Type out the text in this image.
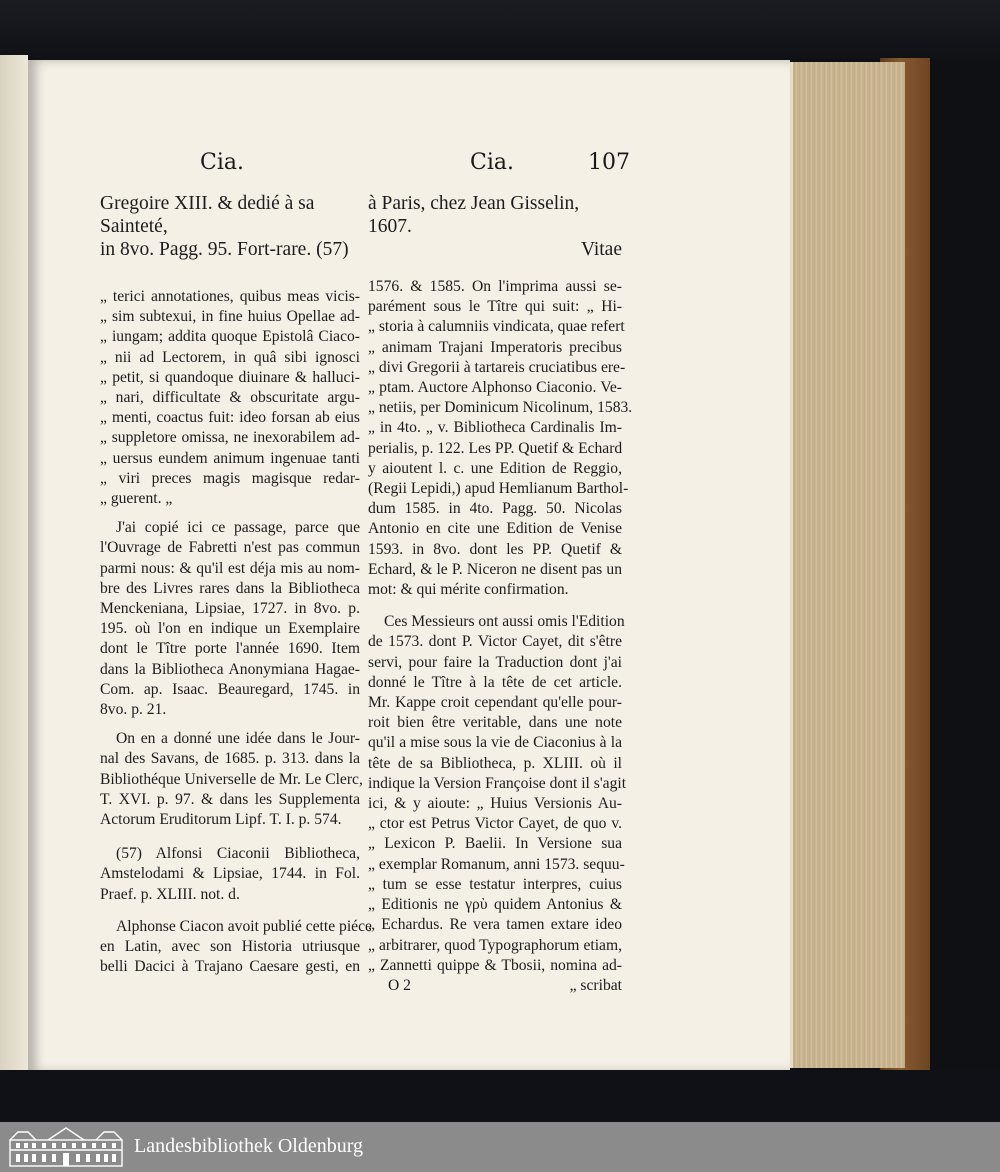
Cia.	Cia.	107

Gregoire XIII. & dedié à sa Sainteté,

in 8vo. Pagg. 95. Fort-rare. (57)

„ terici annotationes, quibus meas vicis-
„ sim subtexui, in fine huius Opellae ad-
„ iungam; addita quoque Epistolâ Ciaco-
„ nii ad Lectorem, in quâ sibi ignosci
„ petit, si quandoque diuinare & halluci-
„ nari, difficultate & obscuritate argu-
„ menti, coactus fuit: ideo forsan ab eius
„ suppletore omissa, ne inexorabilem ad-
„ uersus eundem animum ingenuae tanti
„ viri preces magis magisque redar-
„ guerent. „
J'ai copié ici ce passage, parce que
l'Ouvrage de Fabretti n'est pas commun
parmi nous: & qu'il est déja mis au nom-
bre des Livres rares dans la Bibliotheca
Menckeniana, Lipsiae, 1727. in 8vo. p.
195. où l'on en indique un Exemplaire
dont le Tître porte l'année 1690. Item
dans la Bibliotheca Anonymiana Hagae-
Com. ap. Isaac. Beauregard, 1745. in
8vo. p. 21.
On en a donné une idée dans le Jour-
nal des Savans, de 1685. p. 313. dans la
Bibliothéque Universelle de Mr. Le Clerc,
T. XVI. p. 97. & dans les Supplementa
Actorum Eruditorum Lipf. T. I. p. 574.
(57) Alfonsi Ciaconii Bibliotheca,
Amstelodami & Lipsiae, 1744. in Fol.
Praef. p. XLIII. not. d.
Alphonse Ciacon avoit publié cette piéce
en Latin, avec son Historia utriusque
belli Dacici à Trajano Caesare gesti, en

à Paris, chez Jean Gisselin, 1607.

Vitae

1576. & 1585. On l'imprima aussi se-
parément sous le Tître qui suit: „ Hi-
„ storia à calumniis vindicata, quae refert
„ animam Trajani Imperatoris precibus
„ divi Gregorii à tartareis cruciatibus ere-
„ ptam. Auctore Alphonso Ciaconio. Ve-
„ netiis, per Dominicum Nicolinum, 1583.
„ in 4to. „ v. Bibliotheca Cardinalis Im-
perialis, p. 122. Les PP. Quetif & Echard
y aioutent l. c. une Edition de Reggio,
(Regii Lepidi,) apud Hemlianum Barthol-
dum 1585. in 4to. Pagg. 50. Nicolas
Antonio en cite une Edition de Venise
1593. in 8vo. dont les PP. Quetif &
Echard, & le P. Niceron ne disent pas un
mot: & qui mérite confirmation.
Ces Messieurs ont aussi omis l'Edition
de 1573. dont P. Victor Cayet, dit s'être
servi, pour faire la Traduction dont j'ai
donné le Tître à la tête de cet article.
Mr. Kappe croit cependant qu'elle pour-
roit bien être veritable, dans une note
qu'il a mise sous la vie de Ciaconius à la
tête de sa Bibliotheca, p. XLIII. où il
indique la Version Françoise dont il s'agit
ici, & y aioute: „ Huius Versionis Au-
„ ctor est Petrus Victor Cayet, de quo v.
„ Lexicon P. Baelii. In Versione sua
„ exemplar Romanum, anni 1573. sequu-
„ tum se esse testatur interpres, cuius
„ Editionis ne γρὺ quidem Antonius &
„ Echardus. Re vera tamen extare ideo
„ arbitrarer, quod Typographorum etiam,
„ Zannetti quippe & Tbosii, nomina ad-
O 2	„ scribat
Landesbibliothek Oldenburg
